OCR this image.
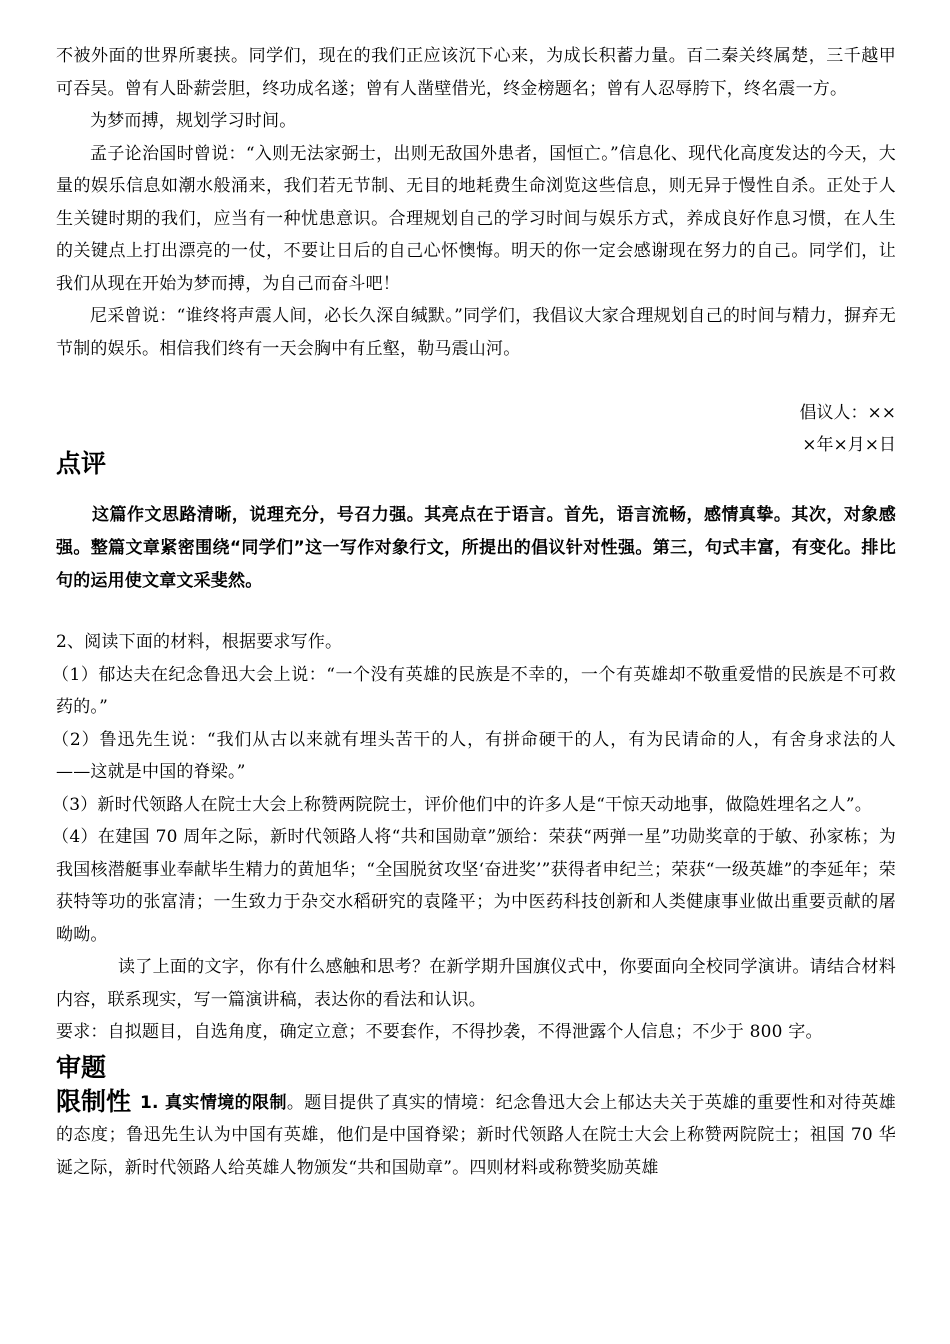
不被外面的世界所裹挟。同学们，现在的我们正应该沉下心来，为成长积蓄力量。百二秦关终属楚，三千越甲可吞吴。曾有人卧薪尝胆，终功成名遂；曾有人凿壁借光，终金榜题名；曾有人忍辱胯下，终名震一方。

为梦而搏，规划学习时间。

孟子论治国时曾说：“入则无法家弼士，出则无敌国外患者，国恒亡。”信息化、现代化高度发达的今天，大量的娱乐信息如潮水般涌来，我们若无节制、无目的地耗费生命浏览这些信息，则无异于慢性自杀。正处于人生关键时期的我们，应当有一种忧患意识。合理规划自己的学习时间与娱乐方式，养成良好作息习惯，在人生的关键点上打出漂亮的一仗，不要让日后的自己心怀懊悔。明天的你一定会感谢现在努力的自己。同学们，让我们从现在开始为梦而搏，为自己而奋斗吧！

尼采曾说：“谁终将声震人间，必长久深自缄默。”同学们，我倡议大家合理规划自己的时间与精力，摒弃无节制的娱乐。相信我们终有一天会胸中有丘壑，勒马震山河。

倡议人：××
×年×月×日
点评

这篇作文思路清晰，说理充分，号召力强。其亮点在于语言。首先，语言流畅，感情真挚。其次，对象感强。整篇文章紧密围绕“同学们”这一写作对象行文，所提出的倡议针对性强。第三，句式丰富，有变化。排比句的运用使文章文采斐然。

2、阅读下面的材料，根据要求写作。

（1）郁达夫在纪念鲁迅大会上说：“一个没有英雄的民族是不幸的，一个有英雄却不敬重爱惜的民族是不可救药的。”

（2）鲁迅先生说：“我们从古以来就有埋头苦干的人，有拼命硬干的人，有为民请命的人，有舍身求法的人——这就是中国的脊梁。”

（3）新时代领路人在院士大会上称赞两院院士，评价他们中的许多人是“干惊天动地事，做隐姓埋名之人”。

（4）在建国 70 周年之际，新时代领路人将“共和国勋章”颁给：荣获“两弹一星”功勋奖章的于敏、孙家栋；为我国核潜艇事业奉献毕生精力的黄旭华；“全国脱贫攻坚‘奋进奖’”获得者申纪兰；荣获“一级英雄”的李延年；荣获特等功的张富清；一生致力于杂交水稻研究的袁隆平；为中医药科技创新和人类健康事业做出重要贡献的屠呦呦。

读了上面的文字，你有什么感触和思考？在新学期升国旗仪式中，你要面向全校同学演讲。请结合材料内容，联系现实，写一篇演讲稿，表达你的看法和认识。

要求：自拟题目，自选角度，确定立意；不要套作，不得抄袭，不得泄露个人信息；不少于 800 字。

审题
限制性 1. 真实情境的限制。题目提供了真实的情境：纪念鲁迅大会上郁达夫关于英雄的重要性和对待英雄的态度；鲁迅先生认为中国有英雄，他们是中国脊梁；新时代领路人在院士大会上称赞两院院士；祖国 70 华诞之际，新时代领路人给英雄人物颁发“共和国勋章”。四则材料或称赞奖励英雄
